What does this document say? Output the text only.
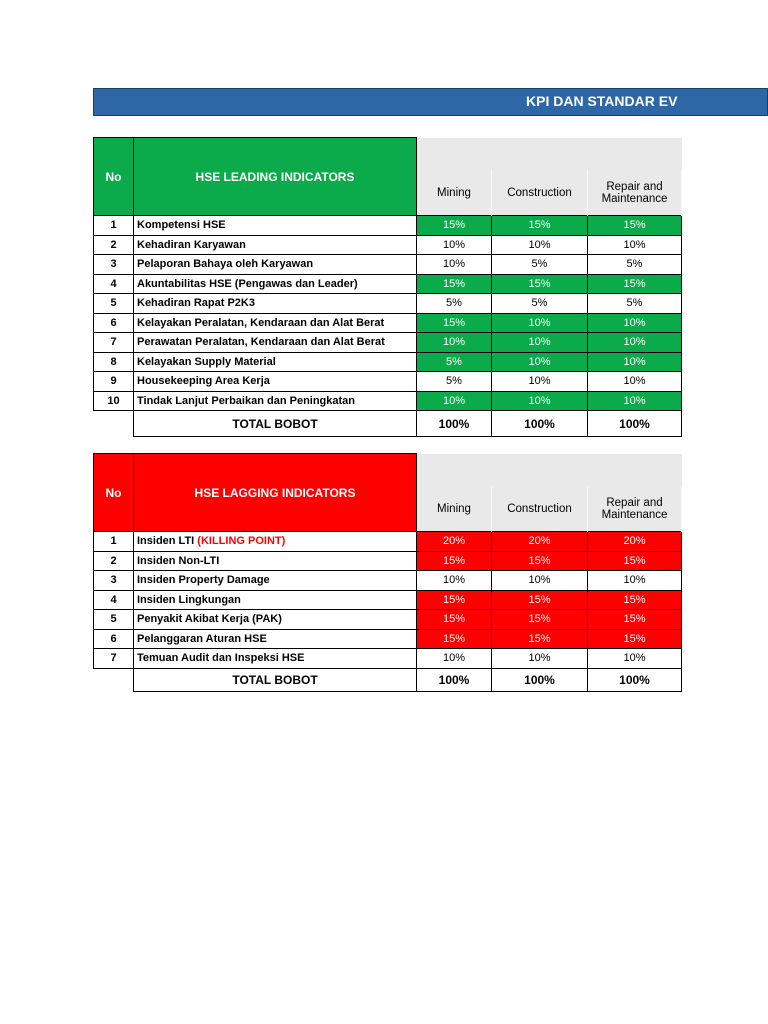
KPI DAN STANDAR EV
No	HSE LEADING INDICATORS			
		Mining	Construction	Repair and
Maintenance

1	Kompetensi HSE	15%	15%	15%
2	Kehadiran Karyawan	10%	10%	10%
3	Pelaporan Bahaya oleh Karyawan	10%	5%	5%
4	Akuntabilitas HSE (Pengawas dan Leader)	15%	15%	15%
5	Kehadiran Rapat P2K3	5%	5%	5%
6	Kelayakan Peralatan, Kendaraan dan Alat Berat	15%	10%	10%
7	Perawatan Peralatan, Kendaraan dan Alat Berat	10%	10%	10%
8	Kelayakan Supply Material	5%	10%	10%
9	Housekeeping Area Kerja	5%	10%	10%
10	Tindak Lanjut Perbaikan dan Peningkatan	10%	10%	10%
	TOTAL BOBOT	100%	100%	100%
No	HSE LAGGING INDICATORS			
		Mining	Construction	Repair and
Maintenance

1	Insiden LTI (KILLING POINT)	20%	20%	20%
2	Insiden Non-LTI	15%	15%	15%
3	Insiden Property Damage	10%	10%	10%
4	Insiden Lingkungan	15%	15%	15%
5	Penyakit Akibat Kerja (PAK)	15%	15%	15%
6	Pelanggaran Aturan HSE	15%	15%	15%
7	Temuan Audit dan Inspeksi HSE	10%	10%	10%
	TOTAL BOBOT	100%	100%	100%
